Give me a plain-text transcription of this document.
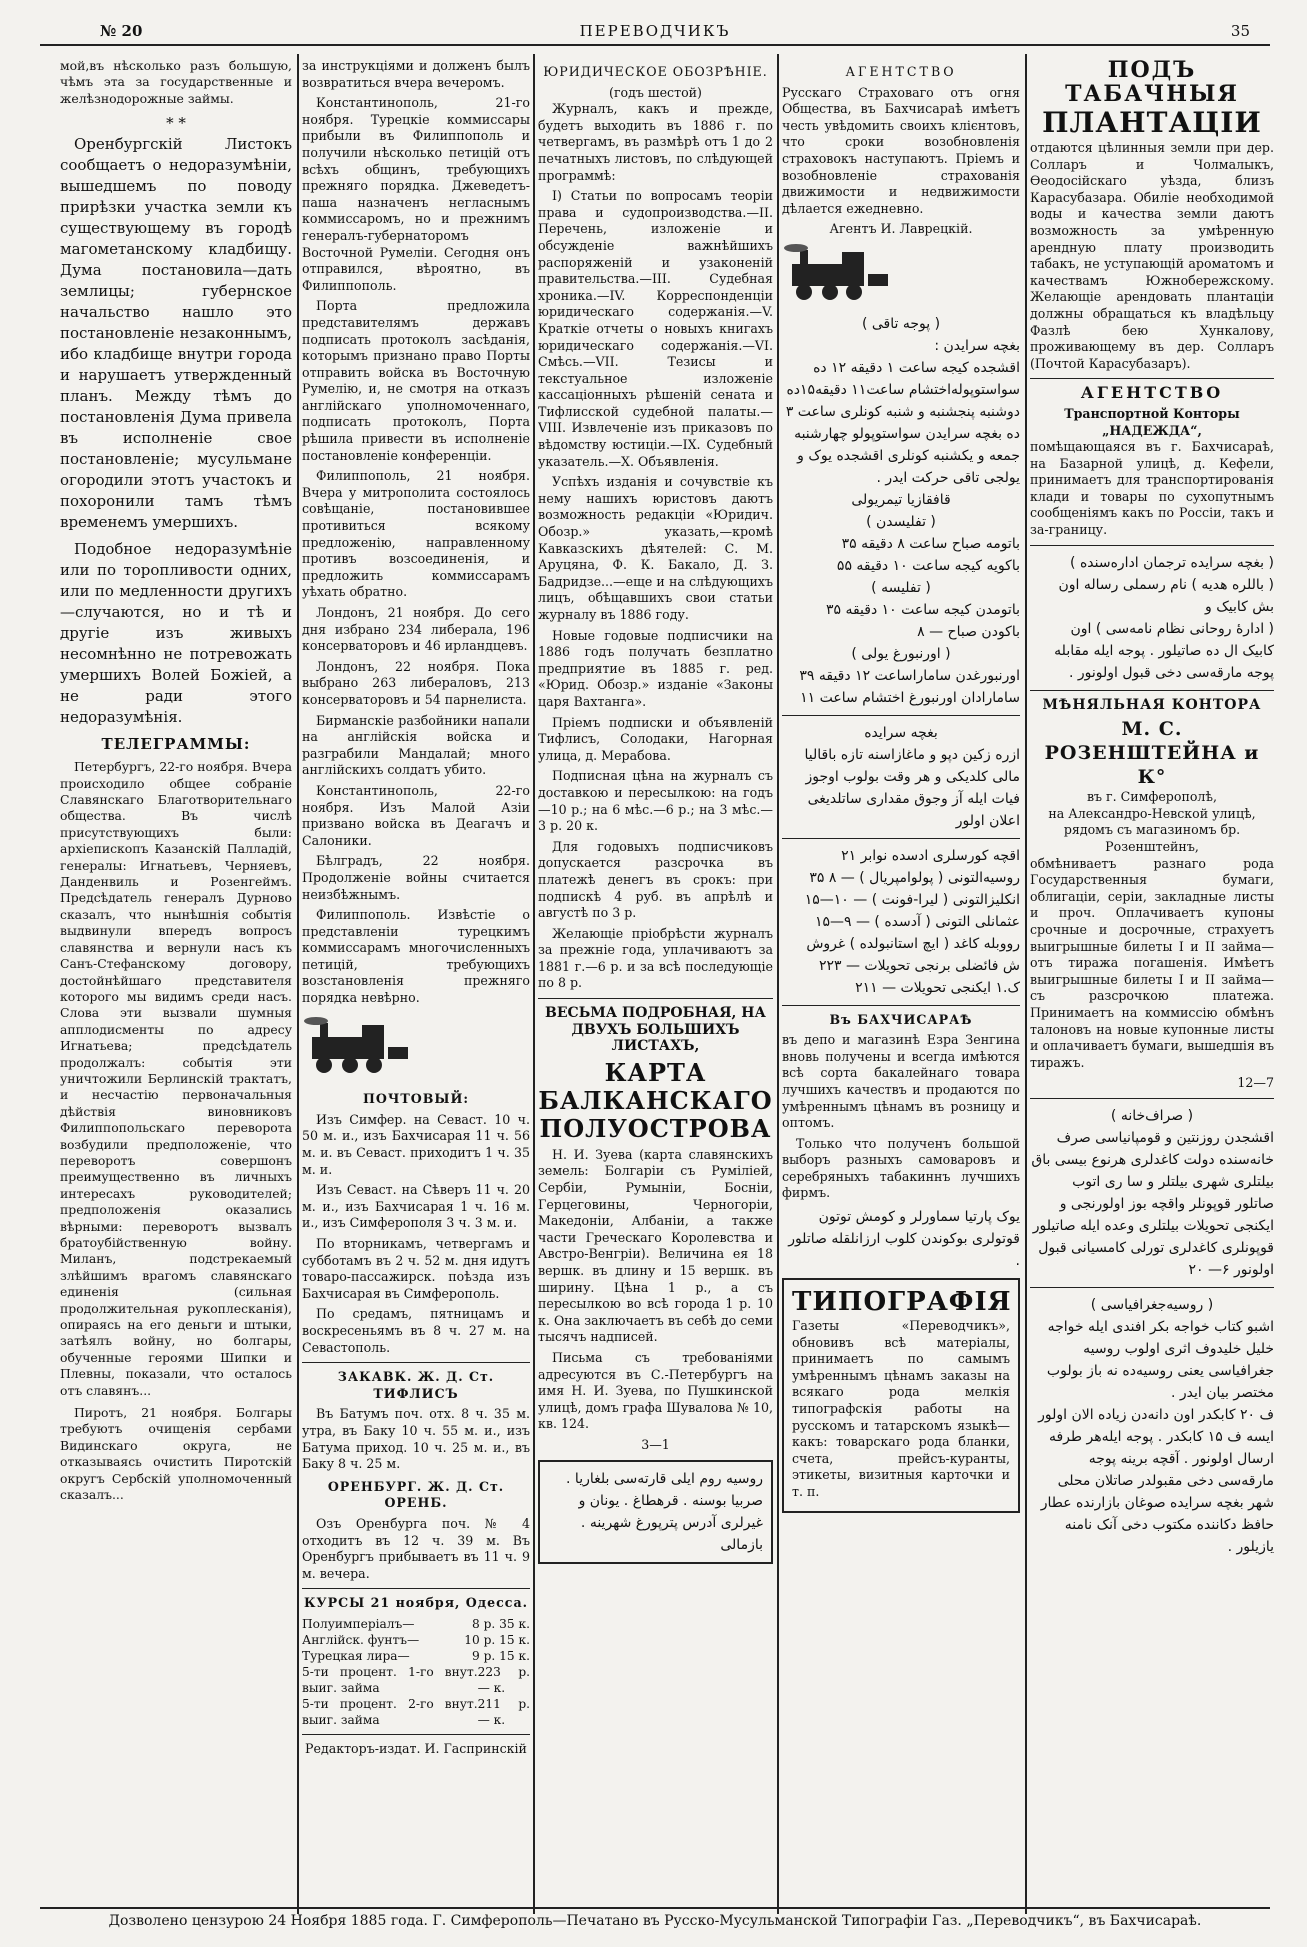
№ 20	ПЕРЕВОДЧИКЪ	35

мой,въ нѣсколько разъ большую, чѣмъ эта за государственные и желѣзнодорожные займы.

* *

Оренбургскій Листокъ сообщаетъ о недоразумѣніи, вышедшемъ по поводу прирѣзки участка земли къ существующему въ городѣ магометанскому кладбищу. Дума постановила—дать землицы; губернское начальство нашло это постановленіе незаконнымъ, ибо кладбище внутри города и нарушаетъ утвержденный планъ. Между тѣмъ до постановленія Дума привела въ исполненіе свое постановленіе; мусульмане огородили этотъ участокъ и похоронили тамъ тѣмъ временемъ умершихъ.

Подобное недоразумѣніе или по торопливости одних, или по медленности другихъ—случаются, но и тѣ и другіе изъ живыхъ несомнѣнно не потревожать умершихъ Волей Божіей, а не ради этого недоразумѣнія.

ТЕЛЕГРАММЫ:

Петербургъ, 22-го ноября. Вчера происходило общее собраніе Славянскаго Благотворительнаго общества. Въ числѣ присутствующихъ были: архіепископъ Казанскій Палладій, генералы: Игнатьевъ, Черняевъ, Данденвиль и Розенгеймъ. Предсѣдатель генералъ Дурново сказалъ, что нынѣшнія событія выдвинули впередъ вопросъ славянства и вернули насъ къ Санъ-Стефанскому договору, достойнѣйшаго представителя которого мы видимъ среди насъ. Слова эти вызвали шумныя апплодисменты по адресу Игнатьева; предсѣдатель продолжалъ: событія эти уничтожили Берлинскій трактатъ, и несчастію первоначальныя дѣйствія виновниковъ Филиппопольскаго переворота возбудили предположеніе, что переворотъ совершонъ преимущественно въ личныхъ интересахъ руководителей; предположенія оказались вѣрными: переворотъ вызвалъ братоубійственную войну. Миланъ, подстрекаемый злѣйшимъ врагомъ славянскаго единенія (сильная продолжительная рукоплесканія), опираясь на его деньги и штыки, затѣялъ войну, но болгары, обученные героями Шипки и Плевны, показали, что осталось отъ славянъ...

Пиротъ, 21 ноября. Болгары требуютъ очищенія сербами Видинскаго округа, не отказываясь очистить Пиротскій округъ Сербскій уполномоченный сказалъ...

за инструкціями и долженъ былъ возвратиться вчера вечеромъ.

Константинополь, 21-го ноября. Турецкіе коммиссары прибыли въ Филиппополь и получили нѣсколько петицій отъ всѣхъ общинъ, требующихъ прежняго порядка. Джеведетъ-паша назначенъ негласнымъ коммиссаромъ, но и прежнимъ генералъ-губернаторомъ Восточной Румеліи. Сегодня онъ отправился, вѣроятно, въ Филиппополь.

Порта предложила представителямъ державъ подписать протоколъ засѣданія, которымъ признано право Порты отправить войска въ Восточную Румелію, и, не смотря на отказъ англійскаго уполномоченнаго, подписать протоколъ, Порта рѣшила привести въ исполненіе постановленіе конференціи.

Филиппополь, 21 ноября. Вчера у митрополита состоялось совѣщаніе, постановившее противиться всякому предложенію, направленному противъ возсоединенія, и предложить коммиссарамъ уѣхать обратно.

Лондонъ, 21 ноября. До сего дня избрано 234 либерала, 196 консерваторовъ и 46 ирландцевъ.

Лондонъ, 22 ноября. Пока выбрано 263 либераловъ, 213 консерваторовъ и 54 парнелиста.

Бирманскіе разбойники напали на англійскія войска и разграбили Мандалай; много англійскихъ солдатъ убито.

Константинополь, 22-го ноября. Изъ Малой Азіи призвано войска въ Деагачъ и Салоники.

Бѣлградъ, 22 ноября. Продолженіе войны считается неизбѣжнымъ.

Филиппополь. Извѣстіе о представленіи турецкимъ коммиссарамъ многочисленныхъ петицій, требующихъ возстановленія прежняго порядка невѣрно.

ПОЧТОВЫЙ:

Изъ Симфер. на Севаст. 10 ч. 50 м. и., изъ Бахчисарая 11 ч. 56 м. и. въ Севаст. приходитъ 1 ч. 35 м. и.

Изъ Севаст. на Сѣверъ 11 ч. 20 м. и., изъ Бахчисарая 1 ч. 16 м. и., изъ Симферополя 3 ч. 3 м. и.

По вторникамъ, четвергамъ и субботамъ въ 2 ч. 52 м. дня идутъ товаро-пассажирск. поѣзда изъ Бахчисарая въ Симферополь.

По средамъ, пятницамъ и воскресеньямъ въ 8 ч. 27 м. на Севастополь.

ЗАКАВК. Ж. Д. Ст. ТИФЛИСЪ

Въ Батумъ поч. отх. 8 ч. 35 м. утра, въ Баку 10 ч. 55 м. и., изъ Батума приход. 10 ч. 25 м. и., въ Баку 8 ч. 25 м.

ОРЕНБУРГ. Ж. Д. Ст. ОРЕНБ.

Озъ Оренбурга поч. № 4 отходитъ въ 12 ч. 39 м. Въ Оренбургъ прибываетъ въ 11 ч. 9 м. вечера.

КУРСЫ 21 ноября, Одесса.
Полуимперіалъ—	8 р. 35 к.
Англійск. фунтъ—	10 р. 15 к.
Турецкая лира—	9 р. 15 к.
5-ти процент. 1-го внут. выиг. займа
223 р. — к.
5-ти процент. 2-го внут. выиг. займа
211 р. — к.
Редакторъ-издат. И. Гаспринскій
ЮРИДИЧЕСКОЕ ОБОЗРѢНІЕ.
(годъ шестой)

Журналъ, какъ и прежде, будетъ выходить въ 1886 г. по четвергамъ, въ размѣрѣ отъ 1 до 2 печатныхъ листовъ, по слѣдующей программѣ:

I) Статьи по вопросамъ теоріи права и судопроизводства.—II. Перечень, изложеніе и обсужденіе важнѣйшихъ распоряженій и узаконеній правительства.—III. Судебная хроника.—IV. Корреспонденціи юридическаго содержанія.—V. Краткіе отчеты о новыхъ книгахъ юридическаго содержанія.—VI. Смѣсь.—VII. Тезисы и текстуальное изложеніе кассаціонныхъ рѣшеній сената и Тифлисской судебной палаты.—VIII. Извлеченіе изъ приказовъ по вѣдомству юстиціи.—IX. Судебный указатель.—X. Объявленія.

Успѣхъ изданія и сочувствіе къ нему нашихъ юристовъ даютъ возможность редакціи «Юридич. Обозр.» указать,—кромѣ Кавказскихъ дѣятелей: С. М. Аруцяна, Ф. К. Бакало, Д. З. Бадридзе...—еще и на слѣдующихъ лицъ, обѣщавшихъ свои статьи журналу въ 1886 году.

Новые годовые подписчики на 1886 годъ получать безплатно предприятие въ 1885 г. ред. «Юрид. Обозр.» изданіе «Законы царя Вахтанга».

Пріемъ подписки и объявленій Тифлисъ, Солодаки, Нагорная улица, д. Мерабова.

Подписная цѣна на журналъ съ доставкою и пересылкою: на годъ—10 р.; на 6 мѣс.—6 р.; на 3 мѣс.—3 р. 20 к.

Для годовыхъ подписчиковъ допускается разсрочка въ платежѣ денегъ въ срокъ: при подпискѣ 4 руб. въ апрѣлѣ и августѣ по 3 р.

Желающіе пріобрѣсти журналъ за прежніе года, уплачиваютъ за 1881 г.—6 р. и за всѣ последующіе по 8 р.

ВЕСЬМА ПОДРОБНАЯ, НА ДВУХЪ БОЛЬШИХЪ ЛИСТАХЪ,
КАРТА БАЛКАНСКАГО ПОЛУОСТРОВА

Н. И. Зуева (карта славянскихъ земель: Болгаріи съ Руміліей, Сербіи, Румыніи, Босніи, Герцеговины, Черногоріи, Македоніи, Албаніи, а также части Греческаго Королевства и Австро-Венгріи). Величина ея 18 вершк. въ длину и 15 вершк. въ ширину. Цѣна 1 р., а съ пересылкою во всѣ города 1 р. 10 к. Она заключаетъ въ себѣ до семи тысячъ надписей.

Письма съ требованіями адресуются въ С.-Петербургъ на имя Н. И. Зуева, по Пушкинской улицѣ, домъ графа Шувалова № 10, кв. 124.

3—1
روسیه روم ایلی قارتەسی بلغاریا . صربیا بوسنه . قرهطاغ . یونان و غیرلری آدرس پترپورغ شهرینه . بازمالی
АГЕНТСТВО

Русскаго Страховаго отъ огня Общества, въ Бахчисараѣ имѣетъ честь увѣдомить своихъ клієнтовъ, что сроки возобновленія страховокъ наступаютъ. Пріемъ и возобновленіе страхованія движимости и недвижимости дѣлается ежедневно.

Агентъ И. Лаврецкій.
( پوجه تاقی )
بغچه سرایدن :
اقشجده کیجه ساعت ۱ دقیقه ۱۲ ده
سواستوپولەاختشام ساعت۱۱ دقیقه۱۵ده
دوشنبه پنجشنبه و شنبه کونلری ساعت ۳
ده بغچه سرایدن سواستوپولو چهارشنبه
جمعه و یکشنبه کونلری اقشجده یوک و
یولجی تاقی حرکت ایدر .
قافقازیا تیمریولی
( تفلیسدن )
باتومه صباح ساعت ۸ دقیقه ۳۵
باکویه کیجه ساعت ۱۰ دقیقه ۵۵
( تفلیسه )
باتومدن کیجه ساعت ۱۰ دقیقه ۳۵
باکودن صباح — ۸
( اورنبورغ یولی )
اورنبورغدن ساماراساعت ۱۲ دقیقه ۳۹
سامارادان اورنبورغ اختشام ساعت ۱۱
بغچه سرایده
ازره زکین دپو و ماغازاسنه تازه باقالیا مالی کلدیکی و هر وقت بولوب اوجوز فیات ایله آز وجوق مقداری ساتلدیغی اعلان اولور
اقچه کورسلری ادسده نوابر ۲۱
روسیه‌التونی ( پولوامپریال ) — ۸ ۳۵
انکلیزالتونی ( لیرا-فونت ) — ۱۰—۱۵
عثمانلی التونی ( آدسده ) — ۹—۱۵
رووبله کاغد ( ایچ استانبولده ) غروش
ش فائضلی برنجی تحویلات — ۲۲۳
ک.۱ ایکنجی تحویلات — ۲۱۱
Въ БАХЧИСАРАѢ

въ депо и магазинѣ Езра Зенгина вновь получены и всегда имѣются всѣ сорта бакалейнаго товара лучшихъ качествъ и продаются по умѣреннымъ цѣнамъ въ розницу и оптомъ.

Только что полученъ большой выборъ разныхъ самоваровъ и серебряныхъ табакиннъ лучшихъ фирмъ.

یوک پارتیا سماورلر و کومش توتون قوتولری بوکوندن کلوب ارزانلقله صاتلور .
ТИПОГРАФІЯ

Газеты «Переводчикъ», обновивъ всѣ матеріалы, принимаетъ по самымъ умѣреннымъ цѣнамъ заказы на всякаго рода мелкія типографскія работы на русскомъ и татарскомъ языкѣ—какъ: товарскаго рода бланки, счета, прейсъ-куранты, этикеты, визитныя карточки и т. п.

ПОДЪ ТАБАЧНЫЯ
ПЛАНТАЦІИ

отдаются цѣлинныя земли при дер. Солларъ и Чолмалыкъ, Ѳеодосійскаго уѣзда, близъ Карасубазара. Обиліе необходимой воды и качества земли даютъ возможность за умѣренную арендную плату производить табакъ, не уступающій ароматомъ и качествамъ Южнобережскому. Желающіе арендовать плантаціи должны обращаться къ владѣльцу Фазлѣ бею Хункалову, проживающему въ дер. Солларъ (Почтой Карасубазаръ).

АГЕНТСТВО
Транспортной Конторы
„НАДЕЖДА“,

помѣщающаяся въ г. Бахчисараѣ, на Базарной улицѣ, д. Кефели, принимаетъ для транспортированія клади и товары по сухопутнымъ сообщеніямъ какъ по Россіи, такъ и за-границу.

( بغچه سرایده ترجمان ادارەسنده )
( باللره هدیه ) نام رسملی رساله اون
بش کابیک و
( ادارهٔ روحانی نظام نامەسی ) اون
کابیک ال ده صاتیلور . پوجه ایله مقابله
پوجه مارقەسی دخی قبول اولونور .
МѢНЯЛЬНАЯ КОНТОРА
М. С. РОЗЕНШТЕЙНА и К°
въ г. Симферополѣ,
на Александро-Невской улицѣ, рядомъ съ магазиномъ бр. Розенштейнъ,

обмѣниваетъ разнаго рода Государственныя бумаги, облигаціи, серіи, закладные листы и проч. Оплачиваетъ купоны срочные и досрочные, страхуетъ выигрышные билеты I и II займа—отъ тиража погашенія. Имѣетъ выигрышные билеты I и II займа—съ разсрочкою платежа. Принимаетъ на коммиссію обмѣнъ талоновъ на новые купонные листы и оплачиваетъ бумаги, вышедшія въ тиражъ.

12—7
( صراف‌خانه )
اقشجدن روزنتین و قومپانیاسی صرف خانەسنده دولت کاغدلری هرنوع بیسی باق بیلتلری شهری بیلتلر و سا ری اتوب صاتلور قوپونلر واقچه بوز اولورنجی و ایکنجی تحویلات بیلتلری وعده ایله صاتیلور قوپونلری کاغدلری تورلی کامسیانی قبول اولونور ۶— ۲۰
( روسیه‌جغرافیاسی )
اشبو کتاب خواجه بکر افندی ایله خواجه خلیل خلیدوف اثری اولوب روسیه جغرافیاسی یعنی روسیه‌ده نه باز بولوب مختصر بیان ایدر .
ف ۲۰ کابکدر اون دانەدن زیاده الان اولور ایسه ف ۱۵ کابکدر . پوجه ایلەهر طرفه ارسال اولونور . آقچه برینه پوجه مارقەسی دخی مقبولدر صاتلان محلی شهر بغچه سرایده صوغان بازارنده عطار حافظ دکاننده مکتوب دخی آنک نامنه یازیلور .
Дозволено цензурою 24 Ноября 1885 года. Г. Симферополь—Печатано въ Русско-Мусульманской Типографіи Газ. „Переводчикъ“, въ Бахчисараѣ.
